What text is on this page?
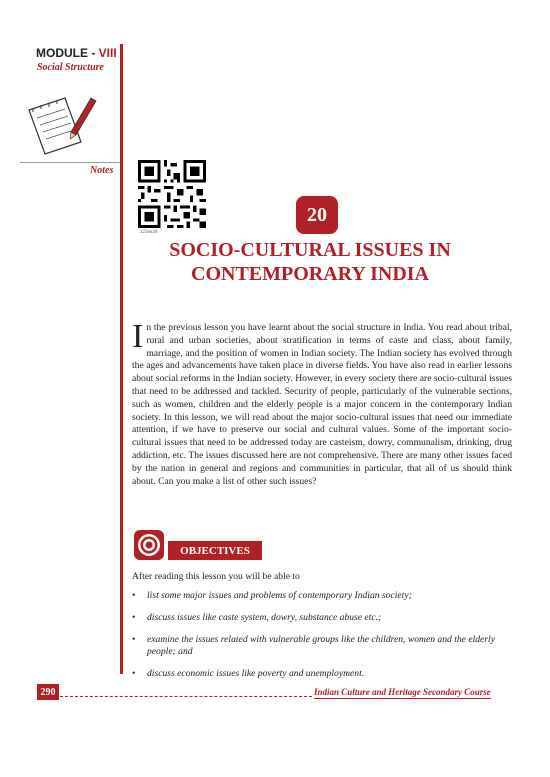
MODULE - VIII
Social Structure
Notes
223en20
20
SOCIO-CULTURAL ISSUES IN
CONTEMPORARY INDIA
In the previous lesson you have learnt about the social structure in India. You read about tribal, rural and urban societies, about stratification in terms of caste and class, about family, marriage, and the position of women in Indian society. The Indian society has evolved through the ages and advancements have taken place in diverse fields. You have also read in earlier lessons about social reforms in the Indian society. However, in every society there are socio-cultural issues that need to be addressed and tackled. Security of people, particularly of the vulnerable sections, such as women, children and the elderly people is a major concern in the contemporary Indian society. In this lesson, we will read about the major socio-cultural issues that need our immediate attention, if we have to preserve our social and cultural values. Some of the important socio-cultural issues that need to be addressed today are casteism, dowry, communalism, drinking, drug addiction, etc. The issues discussed here are not comprehensive. There are many other issues faced by the nation in general and regions and communities in particular, that all of us should think about. Can you make a list of other such issues?
OBJECTIVES
After reading this lesson you will be able to
• list some major issues and problems of contemporary Indian society;
• discuss issues like caste system, dowry, substance abuse etc.;
• examine the issues related with vulnerable groups like the children, women and the elderly people; and
• discuss economic issues like poverty and unemployment.
290	Indian Culture and Heritage Secondary Course
